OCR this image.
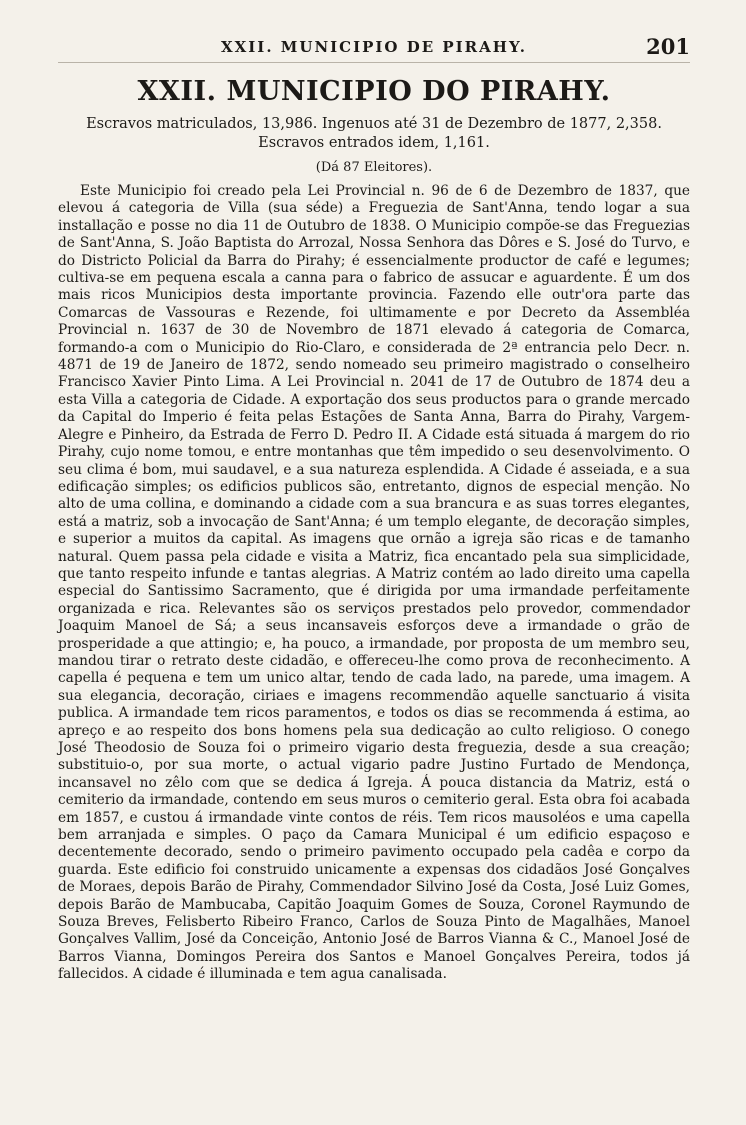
XXII. MUNICIPIO DE PIRAHY.	201
XXII. MUNICIPIO DO PIRAHY.
Escravos matriculados, 13,986. Ingenuos até 31 de Dezembro de 1877, 2,358. Escravos entrados idem, 1,161.
(Dá 87 Eleitores).

Este Municipio foi creado pela Lei Provincial n. 96 de 6 de Dezembro de 1837, que elevou á categoria de Villa (sua séde) a Freguezia de Sant'Anna, tendo logar a sua installação e posse no dia 11 de Outubro de 1838. O Municipio compõe-se das Freguezias de Sant'Anna, S. João Baptista do Arrozal, Nossa Senhora das Dôres e S. José do Turvo, e do Districto Policial da Barra do Pirahy; é essencialmente productor de café e legumes; cultiva-se em pequena escala a canna para o fabrico de assucar e aguardente. É um dos mais ricos Municipios desta importante provincia. Fazendo elle outr'ora parte das Comarcas de Vassouras e Rezende, foi ultimamente e por Decreto da Assembléa Provincial n. 1637 de 30 de Novembro de 1871 elevado á categoria de Comarca, formando-a com o Municipio do Rio-Claro, e considerada de 2ª entrancia pelo Decr. n. 4871 de 19 de Janeiro de 1872, sendo nomeado seu primeiro magistrado o conselheiro Francisco Xavier Pinto Lima. A Lei Provincial n. 2041 de 17 de Outubro de 1874 deu a esta Villa a categoria de Cidade. A exportação dos seus productos para o grande mercado da Capital do Imperio é feita pelas Estações de Santa Anna, Barra do Pirahy, Vargem-Alegre e Pinheiro, da Estrada de Ferro D. Pedro II. A Cidade está situada á margem do rio Pirahy, cujo nome tomou, e entre montanhas que têm impedido o seu desenvolvimento. O seu clima é bom, mui saudavel, e a sua natureza esplendida. A Cidade é asseiada, e a sua edificação simples; os edificios publicos são, entretanto, dignos de especial menção. No alto de uma collina, e dominando a cidade com a sua brancura e as suas torres elegantes, está a matriz, sob a invocação de Sant'Anna; é um templo elegante, de decoração simples, e superior a muitos da capital. As imagens que ornão a igreja são ricas e de tamanho natural. Quem passa pela cidade e visita a Matriz, fica encantado pela sua simplicidade, que tanto respeito infunde e tantas alegrias. A Matriz contém ao lado direito uma capella especial do Santissimo Sacramento, que é dirigida por uma irmandade perfeitamente organizada e rica. Relevantes são os serviços prestados pelo provedor, commendador Joaquim Manoel de Sá; a seus incansaveis esforços deve a irmandade o grão de prosperidade a que attingio; e, ha pouco, a irmandade, por proposta de um membro seu, mandou tirar o retrato deste cidadão, e offereceu-lhe como prova de reconhecimento. A capella é pequena e tem um unico altar, tendo de cada lado, na parede, uma imagem. A sua elegancia, decoração, ciriaes e imagens recommendão aquelle sanctuario á visita publica. A irmandade tem ricos paramentos, e todos os dias se recommenda á estima, ao apreço e ao respeito dos bons homens pela sua dedicação ao culto religioso. O conego José Theodosio de Souza foi o primeiro vigario desta freguezia, desde a sua creação; substituio-o, por sua morte, o actual vigario padre Justino Furtado de Mendonça, incansavel no zêlo com que se dedica á Igreja. Á pouca distancia da Matriz, está o cemiterio da irmandade, contendo em seus muros o cemiterio geral. Esta obra foi acabada em 1857, e custou á irmandade vinte contos de réis. Tem ricos mausoléos e uma capella bem arranjada e simples. O paço da Camara Municipal é um edificio espaçoso e decentemente decorado, sendo o primeiro pavimento occupado pela cadêa e corpo da guarda. Este edificio foi construido unicamente a expensas dos cidadãos José Gonçalves de Moraes, depois Barão de Pirahy, Commendador Silvino José da Costa, José Luiz Gomes, depois Barão de Mambucaba, Capitão Joaquim Gomes de Souza, Coronel Raymundo de Souza Breves, Felisberto Ribeiro Franco, Carlos de Souza Pinto de Magalhães, Manoel Gonçalves Vallim, José da Conceição, Antonio José de Barros Vianna & C., Manoel José de Barros Vianna, Domingos Pereira dos Santos e Manoel Gonçalves Pereira, todos já fallecidos. A cidade é illuminada e tem agua canalisada.
